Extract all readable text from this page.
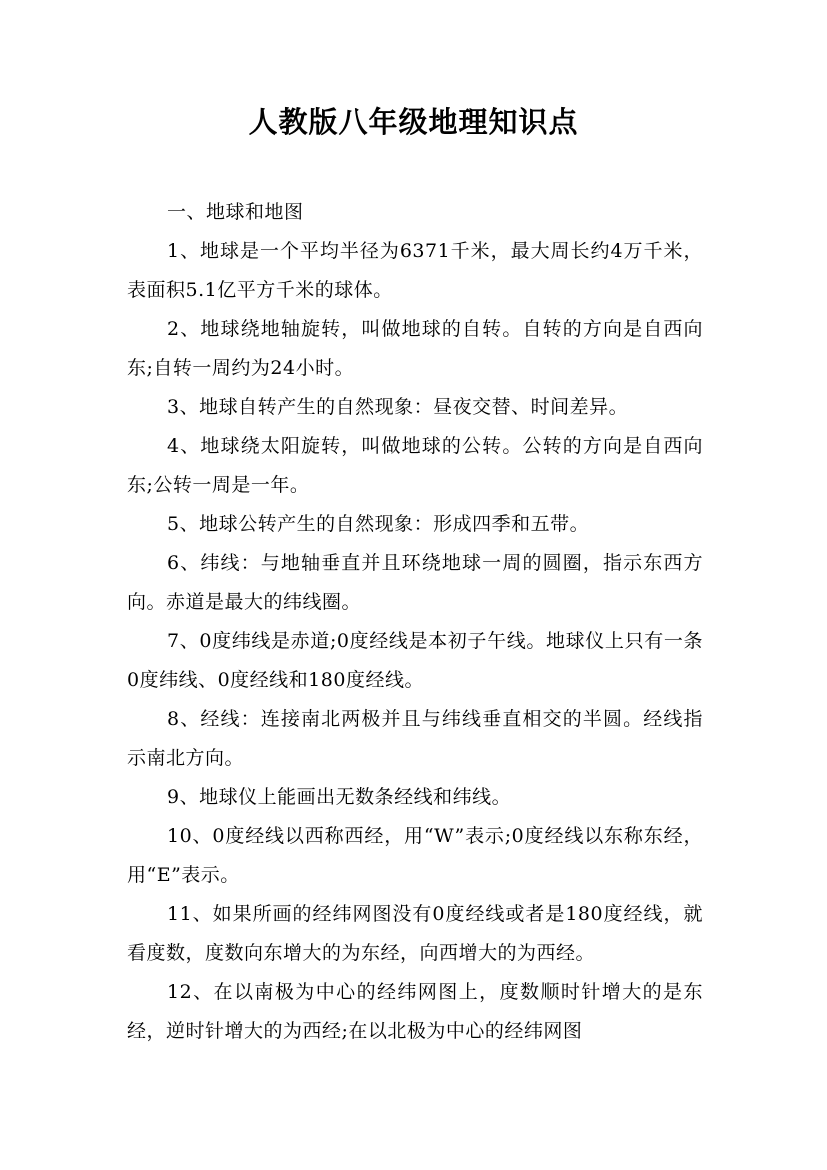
人教版八年级地理知识点

一、地球和地图

1、地球是一个平均半径为6371千米，最大周长约4万千米，表面积5.1亿平方千米的球体。

2、地球绕地轴旋转，叫做地球的自转。自转的方向是自西向东;自转一周约为24小时。

3、地球自转产生的自然现象：昼夜交替、时间差异。

4、地球绕太阳旋转，叫做地球的公转。公转的方向是自西向东;公转一周是一年。

5、地球公转产生的自然现象：形成四季和五带。

6、纬线：与地轴垂直并且环绕地球一周的圆圈，指示东西方向。赤道是最大的纬线圈。

7、0度纬线是赤道;0度经线是本初子午线。地球仪上只有一条0度纬线、0度经线和180度经线。

8、经线：连接南北两极并且与纬线垂直相交的半圆。经线指示南北方向。

9、地球仪上能画出无数条经线和纬线。

10、0度经线以西称西经，用“W”表示;0度经线以东称东经，用“E”表示。

11、如果所画的经纬网图没有0度经线或者是180度经线，就看度数，度数向东增大的为东经，向西增大的为西经。

12、在以南极为中心的经纬网图上，度数顺时针增大的是东经，逆时针增大的为西经;在以北极为中心的经纬网图
